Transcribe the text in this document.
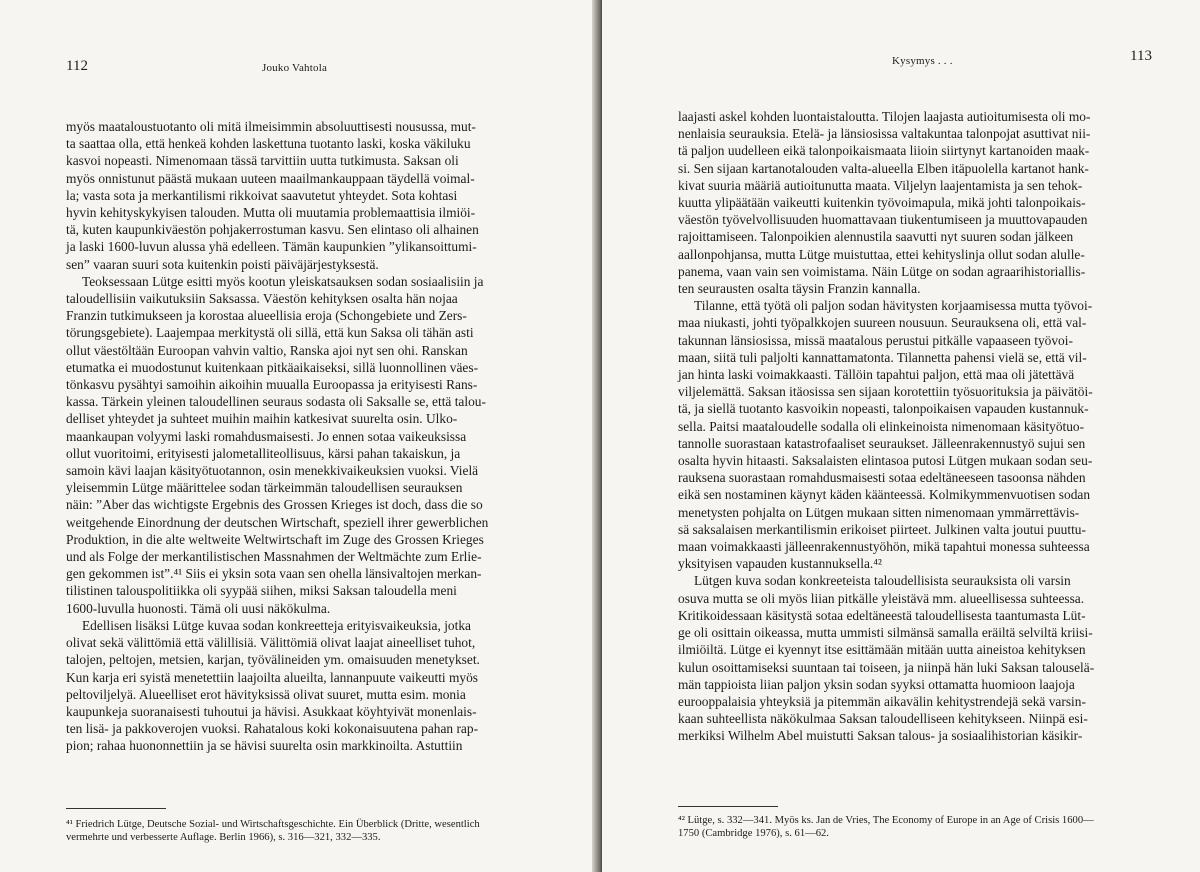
112	Jouko Vahtola
myös maataloustuotanto oli mitä ilmeisimmin absoluuttisesti nousussa, mut-
ta saattaa olla, että henkeä kohden laskettuna tuotanto laski, koska väkiluku
kasvoi nopeasti. Nimenomaan tässä tarvittiin uutta tutkimusta. Saksan oli
myös onnistunut päästä mukaan uuteen maailmankauppaan täydellä voimal-
la; vasta sota ja merkantilismi rikkoivat saavutetut yhteydet. Sota kohtasi
hyvin kehityskykyisen talouden. Mutta oli muutamia problemaattisia ilmiöi-
tä, kuten kaupunkiväestön pohjakerrostuman kasvu. Sen elintaso oli alhainen
ja laski 1600-luvun alussa yhä edelleen. Tämän kaupunkien ”ylikansoittumi-
sen” vaaran suuri sota kuitenkin poisti päiväjärjestyksestä.
Teoksessaan Lütge esitti myös kootun yleiskatsauksen sodan sosiaalisiin ja
taloudellisiin vaikutuksiin Saksassa. Väestön kehityksen osalta hän nojaa
Franzin tutkimukseen ja korostaa alueellisia eroja (Schongebiete und Zers-
törungsgebiete). Laajempaa merkitystä oli sillä, että kun Saksa oli tähän asti
ollut väestöltään Euroopan vahvin valtio, Ranska ajoi nyt sen ohi. Ranskan
etumatka ei muodostunut kuitenkaan pitkäaikaiseksi, sillä luonnollinen väes-
tönkasvu pysähtyi samoihin aikoihin muualla Euroopassa ja erityisesti Rans-
kassa. Tärkein yleinen taloudellinen seuraus sodasta oli Saksalle se, että talou-
delliset yhteydet ja suhteet muihin maihin katkesivat suurelta osin. Ulko-
maankaupan volyymi laski romahdusmaisesti. Jo ennen sotaa vaikeuksissa
ollut vuoritoimi, erityisesti jalometalliteollisuus, kärsi pahan takaiskun, ja
samoin kävi laajan käsityötuotannon, osin menekkivaikeuksien vuoksi. Vielä
yleisemmin Lütge määrittelee sodan tärkeimmän taloudellisen seurauksen
näin: ”Aber das wichtigste Ergebnis des Grossen Krieges ist doch, dass die so
weitgehende Einordnung der deutschen Wirtschaft, speziell ihrer gewerblichen
Produktion, in die alte weltweite Weltwirtschaft im Zuge des Grossen Krieges
und als Folge der merkantilistischen Massnahmen der Weltmächte zum Erlie-
gen gekommen ist”.⁴¹ Siis ei yksin sota vaan sen ohella länsivaltojen merkan-
tilistinen talouspolitiikka oli syypää siihen, miksi Saksan taloudella meni
1600-luvulla huonosti. Tämä oli uusi näkökulma.
Edellisen lisäksi Lütge kuvaa sodan konkreetteja erityisvaikeuksia, jotka
olivat sekä välittömiä että välillisiä. Välittömiä olivat laajat aineelliset tuhot,
talojen, peltojen, metsien, karjan, työvälineiden ym. omaisuuden menetykset.
Kun karja eri syistä menetettiin laajoilta alueilta, lannanpuute vaikeutti myös
peltoviljelyä. Alueelliset erot hävityksissä olivat suuret, mutta esim. monia
kaupunkeja suoranaisesti tuhoutui ja hävisi. Asukkaat köyhtyivät monenlais-
ten lisä- ja pakkoverojen vuoksi. Rahatalous koki kokonaisuutena pahan rap-
pion; rahaa huononnettiin ja se hävisi suurelta osin markkinoilta. Astuttiin
⁴¹ Friedrich Lütge, Deutsche Sozial- und Wirtschaftsgeschichte. Ein Überblick (Dritte, wesentlich
vermehrte und verbesserte Auflage. Berlin 1966), s. 316—321, 332—335.
Kysymys . . .	113
laajasti askel kohden luontaistaloutta. Tilojen laajasta autioitumisesta oli mo-
nenlaisia seurauksia. Etelä- ja länsiosissa valtakuntaa talonpojat asuttivat nii-
tä paljon uudelleen eikä talonpoikaismaata liioin siirtynyt kartanoiden maak-
si. Sen sijaan kartanotalouden valta-alueella Elben itäpuolella kartanot hank-
kivat suuria määriä autioitunutta maata. Viljelyn laajentamista ja sen tehok-
kuutta ylipäätään vaikeutti kuitenkin työvoimapula, mikä johti talonpoikais-
väestön työvelvollisuuden huomattavaan tiukentumiseen ja muuttovapauden
rajoittamiseen. Talonpoikien alennustila saavutti nyt suuren sodan jälkeen
aallonpohjansa, mutta Lütge muistuttaa, ettei kehityslinja ollut sodan alulle-
panema, vaan vain sen voimistama. Näin Lütge on sodan agraarihistoriallis-
ten seurausten osalta täysin Franzin kannalla.
Tilanne, että työtä oli paljon sodan hävitysten korjaamisessa mutta työvoi-
maa niukasti, johti työpalkkojen suureen nousuun. Seurauksena oli, että val-
takunnan länsiosissa, missä maatalous perustui pitkälle vapaaseen työvoi-
maan, siitä tuli paljolti kannattamatonta. Tilannetta pahensi vielä se, että vil-
jan hinta laski voimakkaasti. Tällöin tapahtui paljon, että maa oli jätettävä
viljelemättä. Saksan itäosissa sen sijaan korotettiin työsuorituksia ja päivätöi-
tä, ja siellä tuotanto kasvoikin nopeasti, talonpoikaisen vapauden kustannuk-
sella. Paitsi maataloudelle sodalla oli elinkeinoista nimenomaan käsityötuo-
tannolle suorastaan katastrofaaliset seuraukset. Jälleenrakennustyö sujui sen
osalta hyvin hitaasti. Saksalaisten elintasoa putosi Lütgen mukaan sodan seu-
rauksena suorastaan romahdusmaisesti sotaa edeltäneeseen tasoonsa nähden
eikä sen nostaminen käynyt käden käänteessä. Kolmikymmenvuotisen sodan
menetysten pohjalta on Lütgen mukaan sitten nimenomaan ymmärrettävis-
sä saksalaisen merkantilismin erikoiset piirteet. Julkinen valta joutui puuttu-
maan voimakkaasti jälleenrakennustyöhön, mikä tapahtui monessa suhteessa
yksityisen vapauden kustannuksella.⁴²
Lütgen kuva sodan konkreeteista taloudellisista seurauksista oli varsin
osuva mutta se oli myös liian pitkälle yleistävä mm. alueellisessa suhteessa.
Kritikoidessaan käsitystä sotaa edeltäneestä taloudellisesta taantumasta Lüt-
ge oli osittain oikeassa, mutta ummisti silmänsä samalla eräiltä selviltä kriisi-
ilmiöiltä. Lütge ei kyennyt itse esittämään mitään uutta aineistoa kehityksen
kulun osoittamiseksi suuntaan tai toiseen, ja niinpä hän luki Saksan talouselä-
män tappioista liian paljon yksin sodan syyksi ottamatta huomioon laajoja
eurooppalaisia yhteyksiä ja pitemmän aikavälin kehitystrendejä sekä varsin-
kaan suhteellista näkökulmaa Saksan taloudelliseen kehitykseen. Niinpä esi-
merkiksi Wilhelm Abel muistutti Saksan talous- ja sosiaalihistorian käsikir-
⁴² Lütge, s. 332—341. Myös ks. Jan de Vries, The Economy of Europe in an Age of Crisis 1600—
1750 (Cambridge 1976), s. 61—62.
